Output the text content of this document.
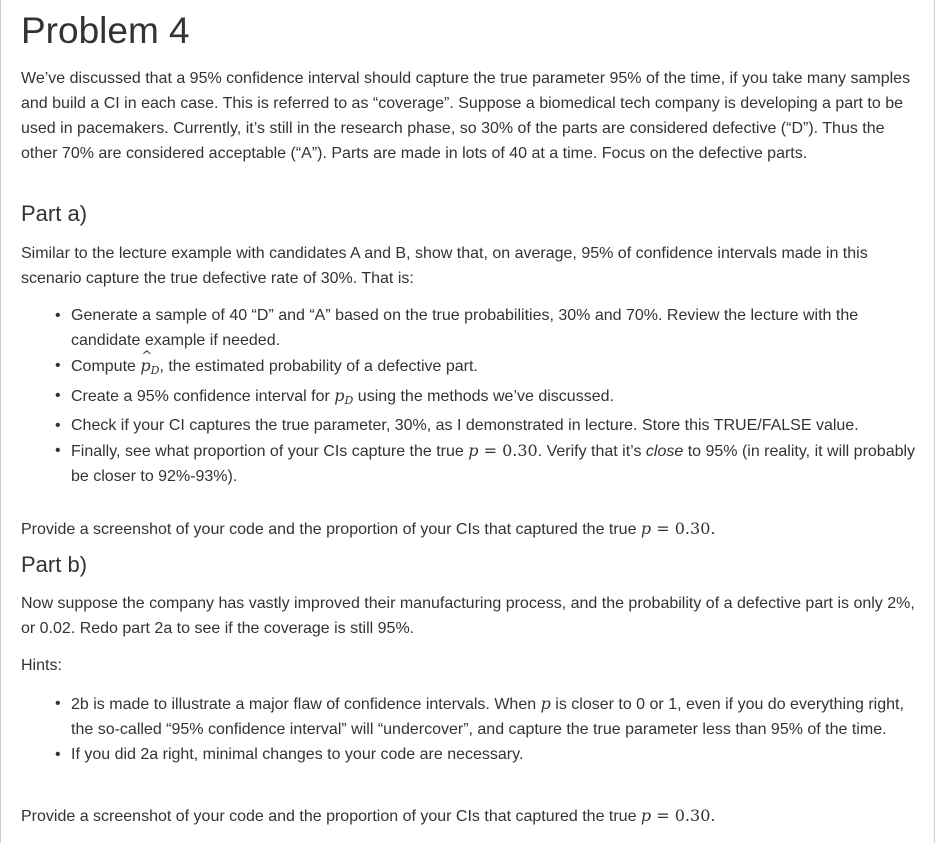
Problem 4

We’ve discussed that a 95% confidence interval should capture the true parameter 95% of the time, if you take many samples and build a CI in each case. This is referred to as “coverage”. Suppose a biomedical tech company is developing a part to be used in pacemakers. Currently, it’s still in the research phase, so 30% of the parts are considered defective (“D”). Thus the other 70% are considered acceptable (“A”). Parts are made in lots of 40 at a time. Focus on the defective parts.

Part a)

Similar to the lecture example with candidates A and B, show that, on average, 95% of confidence intervals made in this scenario capture the true defective rate of 30%. That is:

• Generate a sample of 40 “D” and “A” based on the true probabilities, 30% and 70%. Review the lecture with the candidate example if needed.
• Compute p $\^{}_D$, the estimated probability of a defective part.
• Create a 95% confidence interval for $p_D$ using the methods we’ve discussed.
• Check if your CI captures the true parameter, 30%, as I demonstrated in lecture. Store this TRUE/FALSE value.
• Finally, see what proportion of your CIs capture the true p = 0.30. Verify that it’s close to 95% (in reality, it will probably be closer to 92%-93%).

Provide a screenshot of your code and the proportion of your CIs that captured the true p = 0.30.

Part b)

Now suppose the company has vastly improved their manufacturing process, and the probability of a defective part is only 2%, or 0.02. Redo part 2a to see if the coverage is still 95%.

Hints:

• 2b is made to illustrate a major flaw of confidence intervals. When p is closer to 0 or 1, even if you do everything right, the so-called “95% confidence interval” will “undercover”, and capture the true parameter less than 95% of the time.
• If you did 2a right, minimal changes to your code are necessary.

Provide a screenshot of your code and the proportion of your CIs that captured the true p = 0.30.
